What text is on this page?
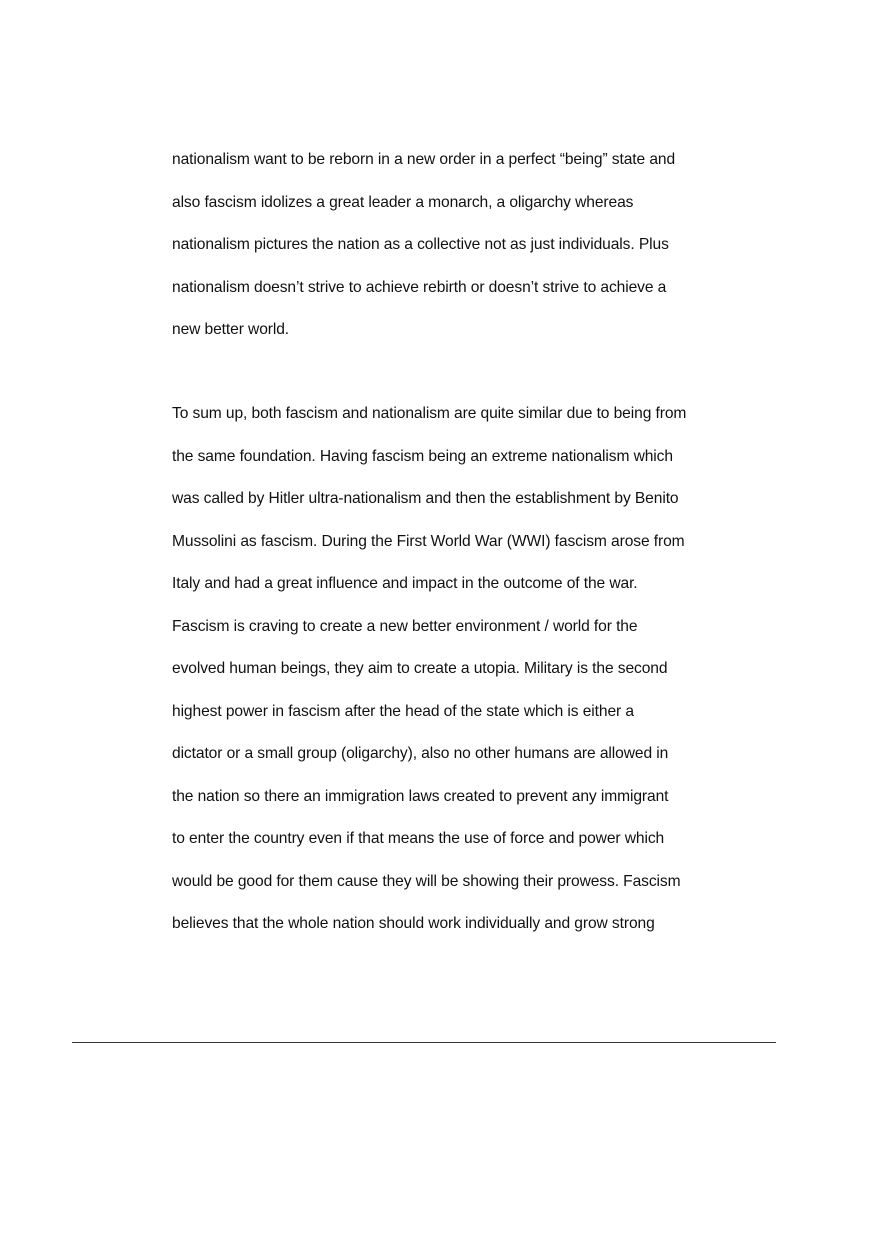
nationalism want to be reborn in a new order in a perfect “being” state and
also fascism idolizes a great leader a monarch, a oligarchy whereas
nationalism pictures the nation as a collective not as just individuals. Plus
nationalism doesn’t strive to achieve rebirth or doesn’t strive to achieve a
new better world.
To sum up, both fascism and nationalism are quite similar due to being from
the same foundation. Having fascism being an extreme nationalism which
was called by Hitler ultra-nationalism and then the establishment by Benito
Mussolini as fascism. During the First World War (WWI) fascism arose from
Italy and had a great influence and impact in the outcome of the war.
Fascism is craving to create a new better environment / world for the
evolved human beings, they aim to create a utopia. Military is the second
highest power in fascism after the head of the state which is either a
dictator or a small group (oligarchy), also no other humans are allowed in
the nation so there an immigration laws created to prevent any immigrant
to enter the country even if that means the use of force and power which
would be good for them cause they will be showing their prowess. Fascism
believes that the whole nation should work individually and grow strong
